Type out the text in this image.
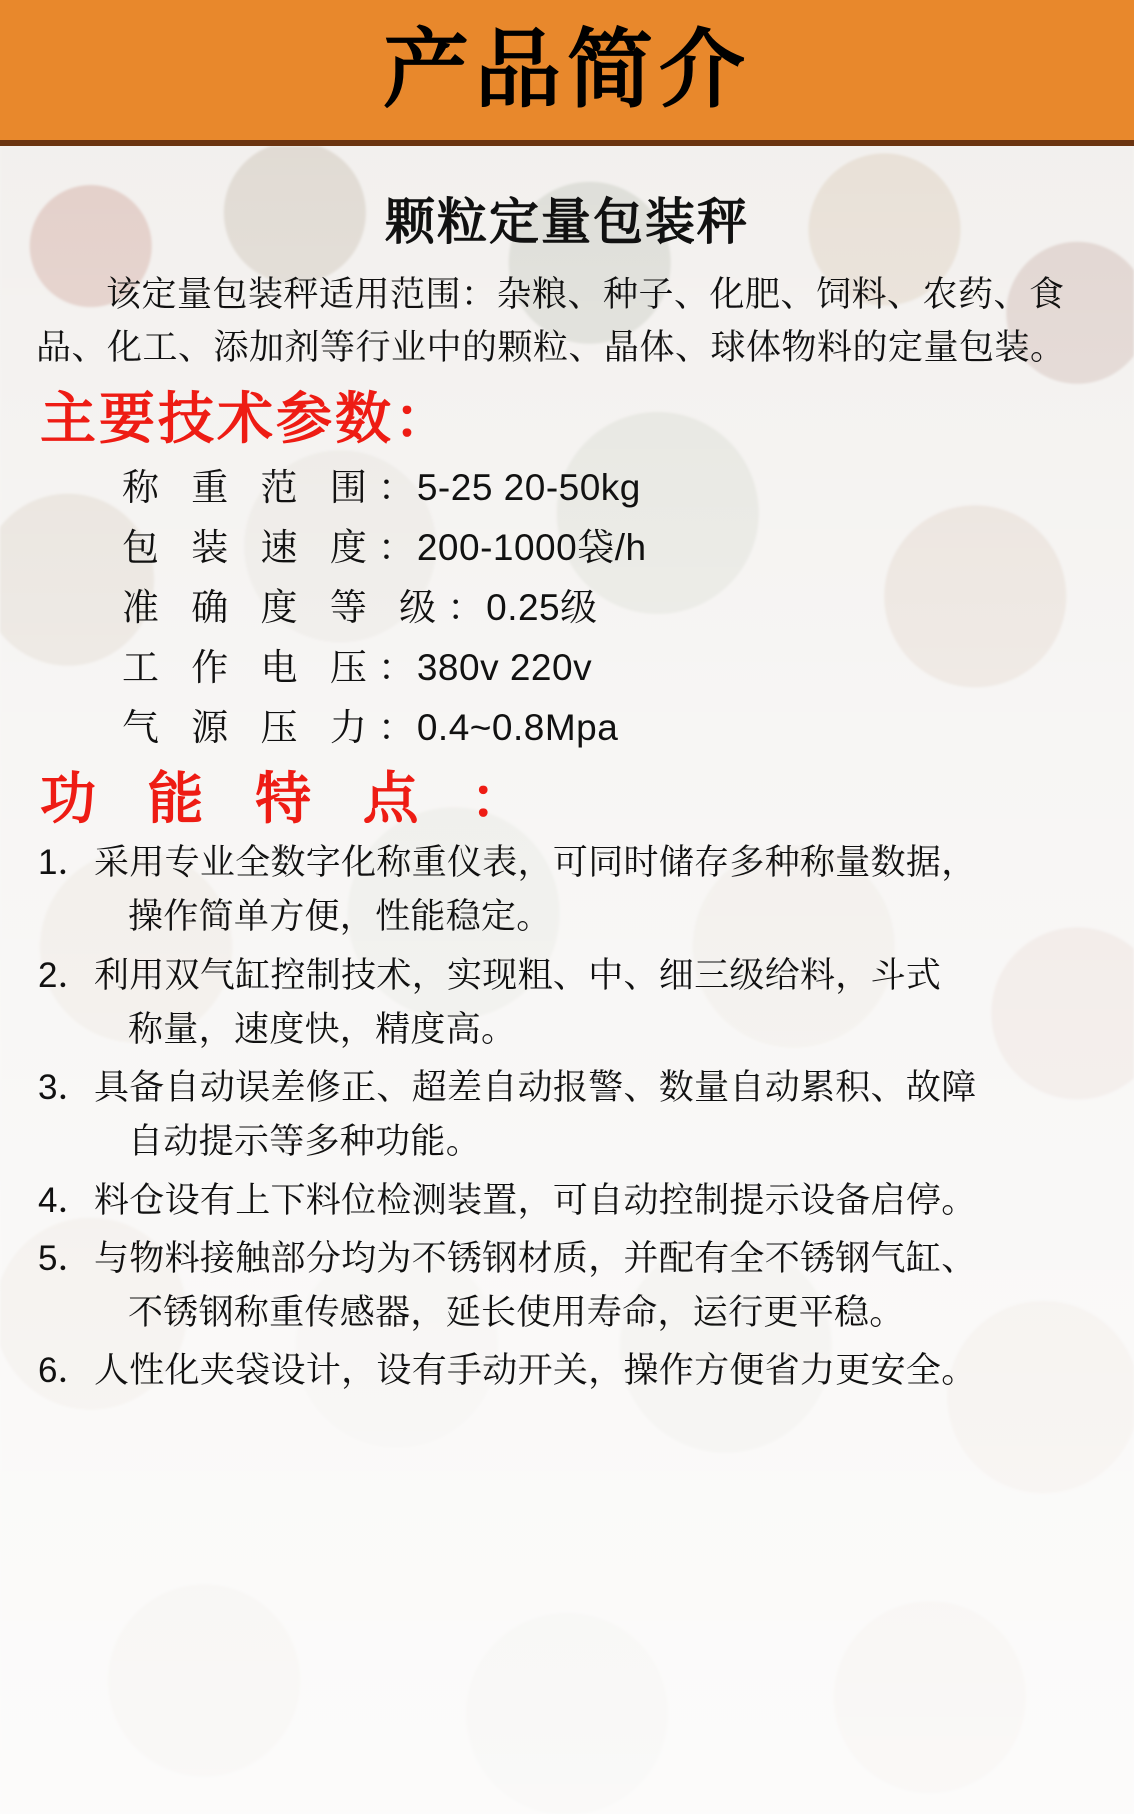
产品简介
颗粒定量包装秤

该定量包装秤适用范围：杂粮、种子、化肥、饲料、农药、食品、化工、添加剂等行业中的颗粒、晶体、球体物料的定量包装。

主要技术参数：
称 重 范 围 ： 5-25 20-50kg
包 装 速 度 ： 200-1000袋/h
准 确 度 等 级 ： 0.25级
工 作 电 压 ： 380v 220v
气 源 压 力 ： 0.4~0.8Mpa
功 能 特 点 ：
1． 采用专业全数字化称重仪表，可同时储存多种称量数据，
操作简单方便，性能稳定。
2． 利用双气缸控制技术，实现粗、中、细三级给料，斗式
称量，速度快，精度高。
3． 具备自动误差修正、超差自动报警、数量自动累积、故障
自动提示等多种功能。
4． 料仓设有上下料位检测装置，可自动控制提示设备启停。
5． 与物料接触部分均为不锈钢材质，并配有全不锈钢气缸、
不锈钢称重传感器，延长使用寿命，运行更平稳。
6． 人性化夹袋设计，设有手动开关，操作方便省力更安全。
